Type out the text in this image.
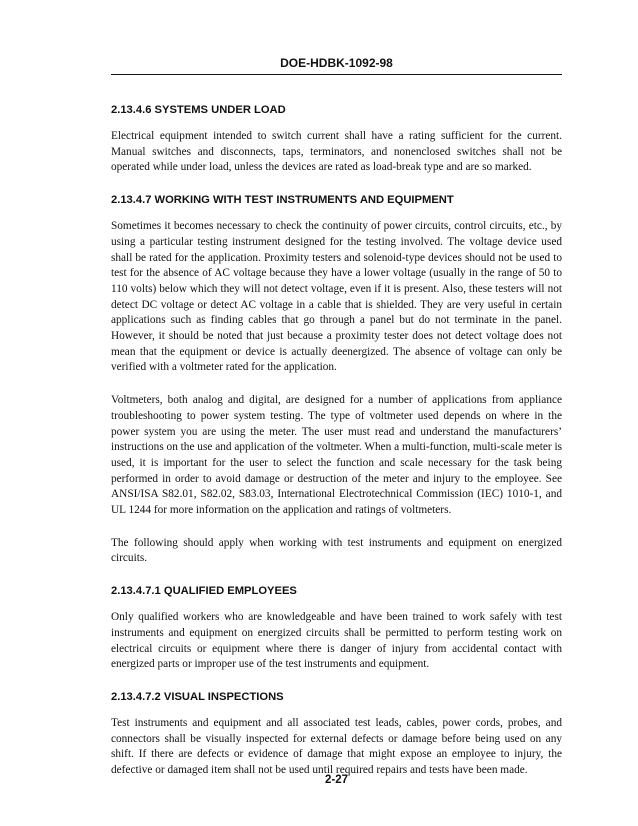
DOE-HDBK-1092-98
2.13.4.6 SYSTEMS UNDER LOAD

Electrical equipment intended to switch current shall have a rating sufficient for the current. Manual switches and disconnects, taps, terminators, and nonenclosed switches shall not be operated while under load, unless the devices are rated as load-break type and are so marked.

2.13.4.7 WORKING WITH TEST INSTRUMENTS AND EQUIPMENT

Sometimes it becomes necessary to check the continuity of power circuits, control circuits, etc., by using a particular testing instrument designed for the testing involved. The voltage device used shall be rated for the application. Proximity testers and solenoid-type devices should not be used to test for the absence of AC voltage because they have a lower voltage (usually in the range of 50 to 110 volts) below which they will not detect voltage, even if it is present. Also, these testers will not detect DC voltage or detect AC voltage in a cable that is shielded. They are very useful in certain applications such as finding cables that go through a panel but do not terminate in the panel. However, it should be noted that just because a proximity tester does not detect voltage does not mean that the equipment or device is actually deenergized. The absence of voltage can only be verified with a voltmeter rated for the application.

Voltmeters, both analog and digital, are designed for a number of applications from appliance troubleshooting to power system testing. The type of voltmeter used depends on where in the power system you are using the meter. The user must read and understand the manufacturers’ instructions on the use and application of the voltmeter. When a multi-function, multi-scale meter is used, it is important for the user to select the function and scale necessary for the task being performed in order to avoid damage or destruction of the meter and injury to the employee. See ANSI/ISA S82.01, S82.02, S83.03, International Electrotechnical Commission (IEC) 1010-1, and UL 1244 for more information on the application and ratings of voltmeters.

The following should apply when working with test instruments and equipment on energized circuits.

2.13.4.7.1 QUALIFIED EMPLOYEES

Only qualified workers who are knowledgeable and have been trained to work safely with test instruments and equipment on energized circuits shall be permitted to perform testing work on electrical circuits or equipment where there is danger of injury from accidental contact with energized parts or improper use of the test instruments and equipment.

2.13.4.7.2 VISUAL INSPECTIONS

Test instruments and equipment and all associated test leads, cables, power cords, probes, and connectors shall be visually inspected for external defects or damage before being used on any shift. If there are defects or evidence of damage that might expose an employee to injury, the defective or damaged item shall not be used until required repairs and tests have been made.

2-27
